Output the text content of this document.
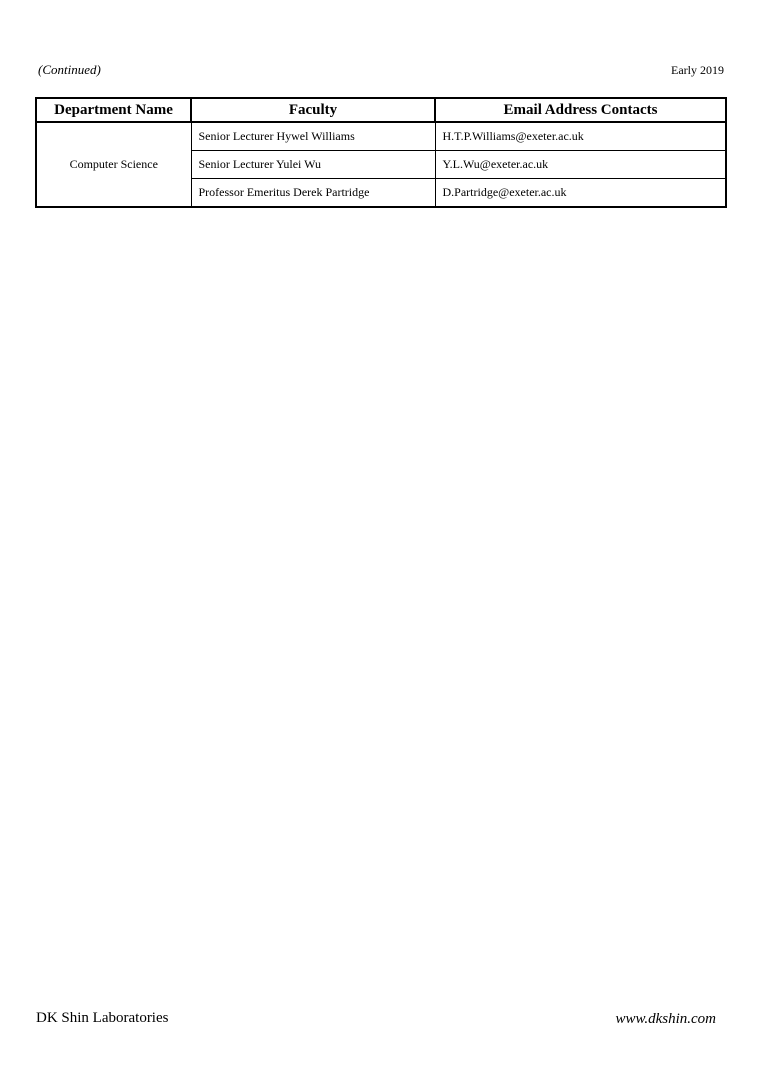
(Continued)	Early 2019
Department Name	Faculty	Email Address Contacts
Computer Science	Senior Lecturer Hywel Williams	H.T.P.Williams@exeter.ac.uk
	Senior Lecturer Yulei Wu	Y.L.Wu@exeter.ac.uk
	Professor Emeritus Derek Partridge	D.Partridge@exeter.ac.uk
DK Shin Laboratories	www.dkshin.com
